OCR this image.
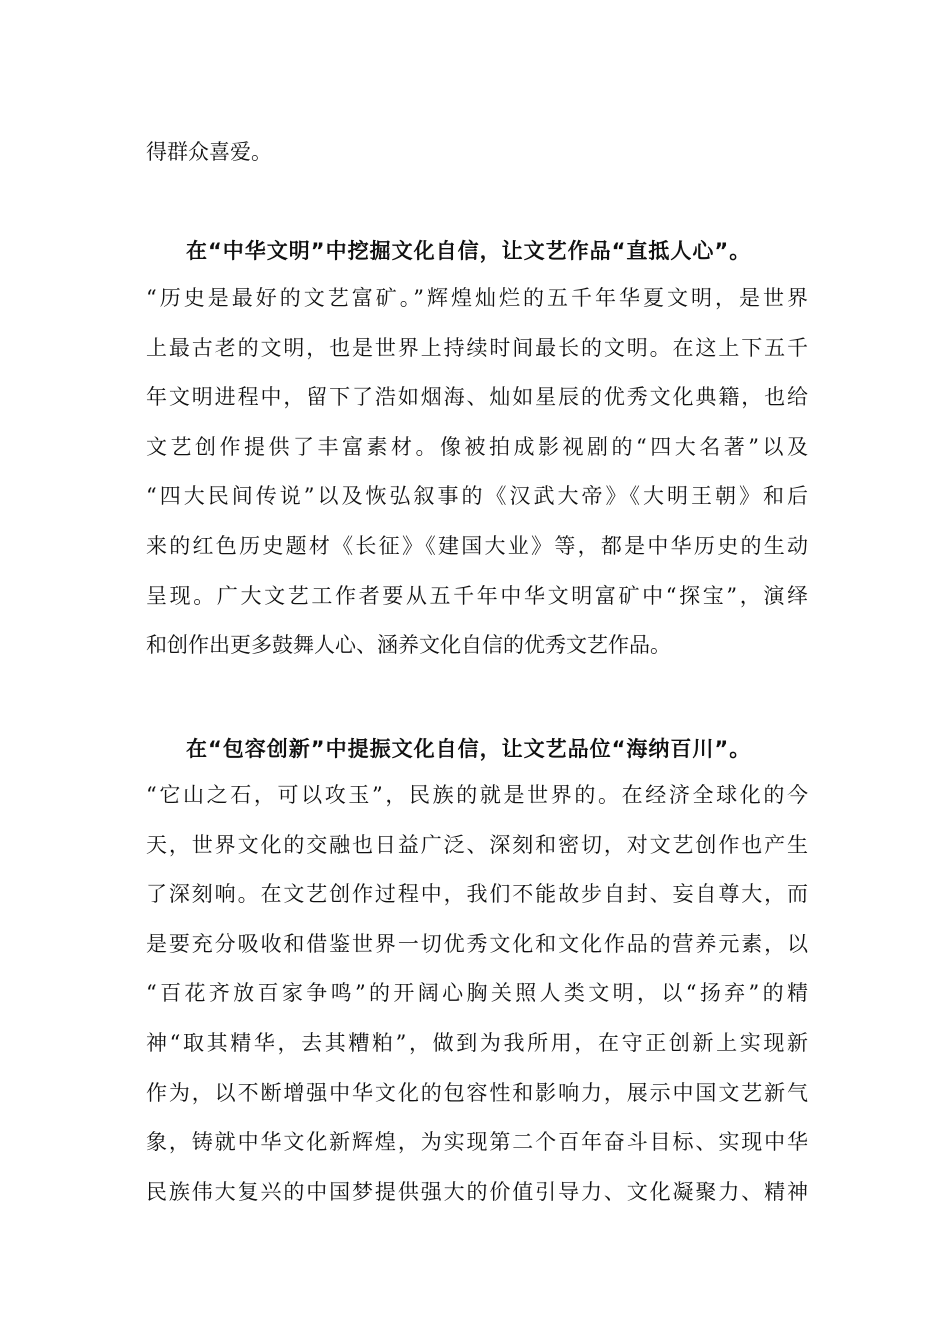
得群众喜爱。
在“中华文明”中挖掘文化自信，让文艺作品“直抵人心”。
“历史是最好的文艺富矿。”辉煌灿烂的五千年华夏文明，是世界
上最古老的文明，也是世界上持续时间最长的文明。在这上下五千
年文明进程中，留下了浩如烟海、灿如星辰的优秀文化典籍，也给
文艺创作提供了丰富素材。像被拍成影视剧的“四大名著”以及
“四大民间传说”以及恢弘叙事的《汉武大帝》《大明王朝》和后
来的红色历史题材《长征》《建国大业》等，都是中华历史的生动
呈现。广大文艺工作者要从五千年中华文明富矿中“探宝”，演绎
和创作出更多鼓舞人心、涵养文化自信的优秀文艺作品。
在“包容创新”中提振文化自信，让文艺品位“海纳百川”。
“它山之石，可以攻玉”，民族的就是世界的。在经济全球化的今
天，世界文化的交融也日益广泛、深刻和密切，对文艺创作也产生
了深刻响。在文艺创作过程中，我们不能故步自封、妄自尊大，而
是要充分吸收和借鉴世界一切优秀文化和文化作品的营养元素，以
“百花齐放百家争鸣”的开阔心胸关照人类文明，以“扬弃”的精
神“取其精华，去其糟粕”，做到为我所用，在守正创新上实现新
作为，以不断增强中华文化的包容性和影响力，展示中国文艺新气
象，铸就中华文化新辉煌，为实现第二个百年奋斗目标、实现中华
民族伟大复兴的中国梦提供强大的价值引导力、文化凝聚力、精神
